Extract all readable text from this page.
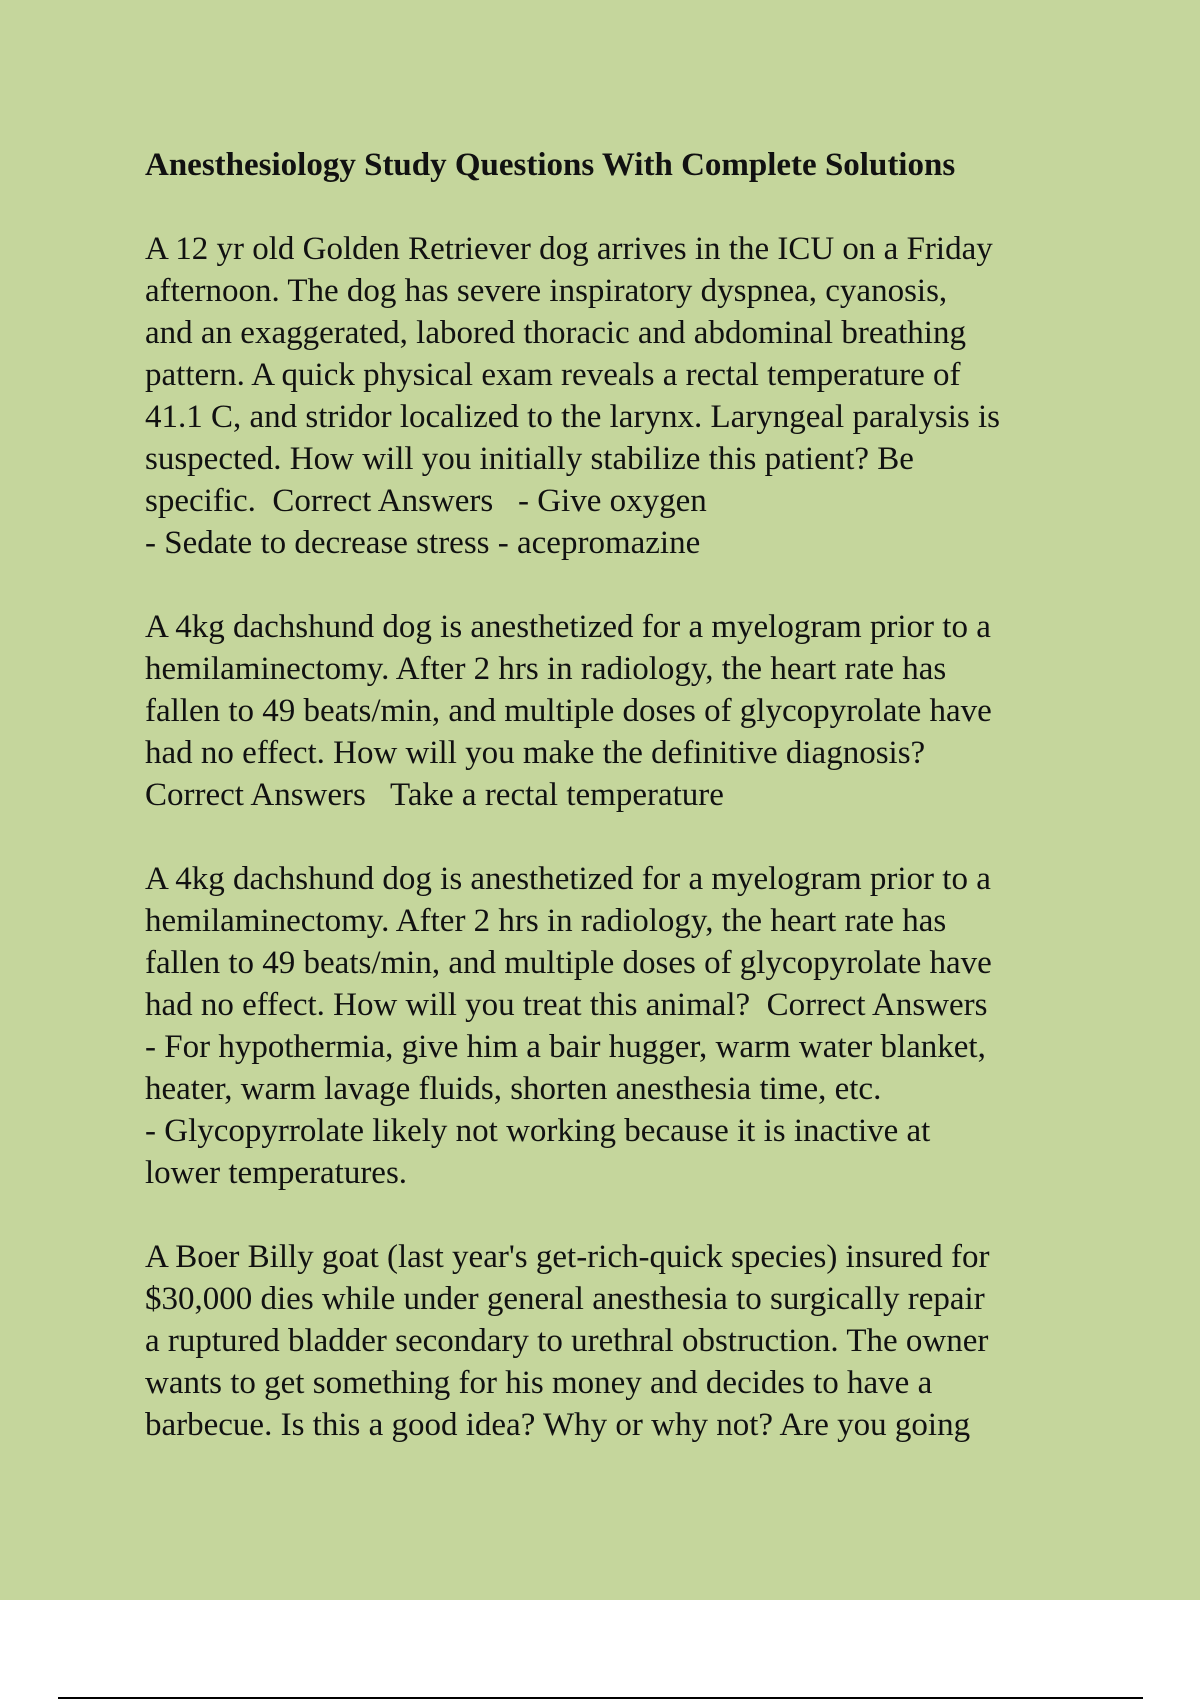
Anesthesiology Study Questions With Complete Solutions
A 12 yr old Golden Retriever dog arrives in the ICU on a Friday
afternoon. The dog has severe inspiratory dyspnea, cyanosis,
and an exaggerated, labored thoracic and abdominal breathing
pattern. A quick physical exam reveals a rectal temperature of
41.1 C, and stridor localized to the larynx. Laryngeal paralysis is
suspected. How will you initially stabilize this patient? Be
specific.  Correct Answers   - Give oxygen
- Sedate to decrease stress - acepromazine
A 4kg dachshund dog is anesthetized for a myelogram prior to a
hemilaminectomy. After 2 hrs in radiology, the heart rate has
fallen to 49 beats/min, and multiple doses of glycopyrolate have
had no effect. How will you make the definitive diagnosis?
Correct Answers   Take a rectal temperature
A 4kg dachshund dog is anesthetized for a myelogram prior to a
hemilaminectomy. After 2 hrs in radiology, the heart rate has
fallen to 49 beats/min, and multiple doses of glycopyrolate have
had no effect. How will you treat this animal?  Correct Answers
- For hypothermia, give him a bair hugger, warm water blanket,
heater, warm lavage fluids, shorten anesthesia time, etc.
- Glycopyrrolate likely not working because it is inactive at
lower temperatures.
A Boer Billy goat (last year's get-rich-quick species) insured for
$30,000 dies while under general anesthesia to surgically repair
a ruptured bladder secondary to urethral obstruction. The owner
wants to get something for his money and decides to have a
barbecue. Is this a good idea? Why or why not? Are you going
